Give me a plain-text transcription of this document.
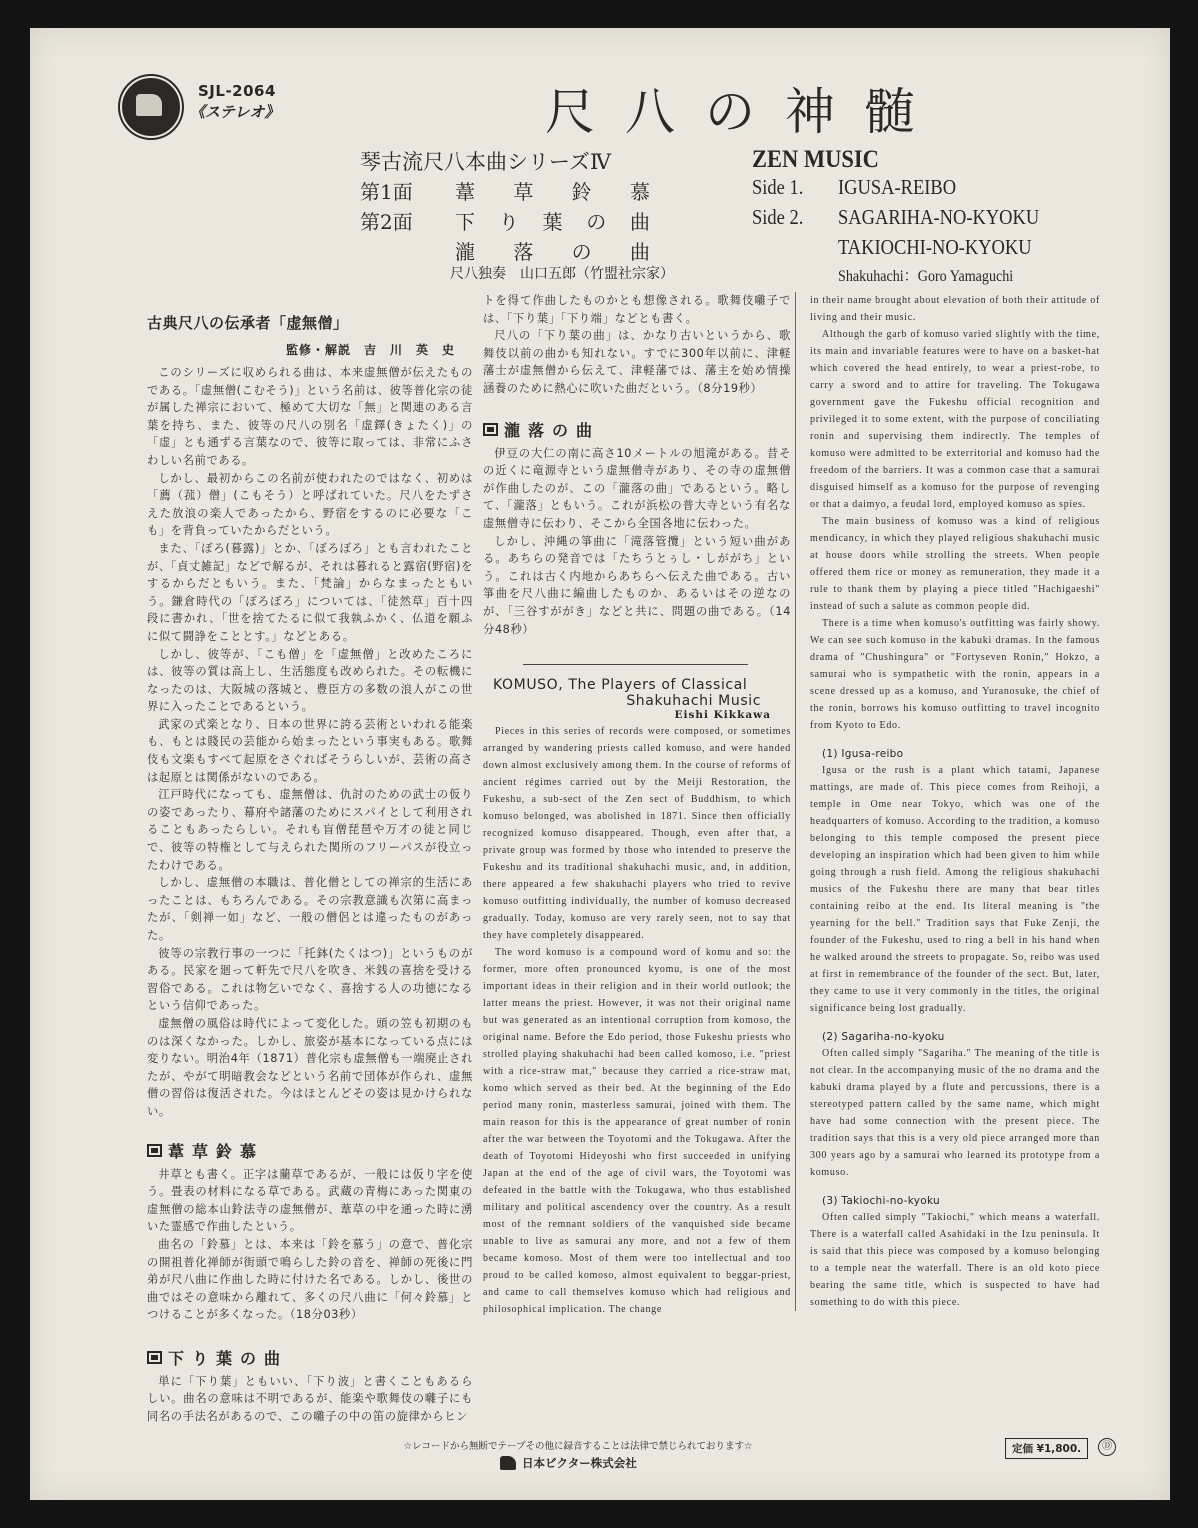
SJL-2064
《ステレオ》	尺八の神髄
琴古流尺八本曲シリーズⅣ	ZEN MUSIC
第1面 葦 草 鈴 慕	Side 1. IGUSA-REIBO
第2面 下 り 葉 の 曲	Side 2. SAGARIHA-NO-KYOKU
瀧 落 の 曲	TAKIOCHI-NO-KYOKU
尺八独奏　山口五郎（竹盟社宗家）	Shakuhachi：Goro Yamaguchi

古典尺八の伝承者「虚無僧」

監修・解説　吉　川　英　史

このシリーズに収められる曲は、本来虚無僧が伝えたものである。「虚無僧(こむそう)」という名前は、彼等普化宗の徒が属した禅宗において、極めて大切な「無」と関連のある言葉を持ち、また、彼等の尺八の別名「虚鐸(きょたく)」の「虚」とも通ずる言葉なので、彼等に取っては、非常にふさわしい名前である。

しかし、最初からこの名前が使われたのではなく、初めは「薦（菰）僧」(こもそう）と呼ばれていた。尺八をたずさえた放浪の楽人であったから、野宿をするのに必要な「こも」を背負っていたからだという。

また、「ぼろ(暮露)」とか、「ぼろぼろ」とも言われたことが、「貞丈雑記」などで解るが、それは暮れると露宿(野宿)をするからだともいう。また、「梵論」からなまったともいう。鎌倉時代の「ぼろぼろ」については、「徒然草」百十四段に書かれ、「世を捨てたるに似て我執ふかく、仏道を願ふに似て闘諍をこととす。」などとある。

しかし、彼等が、「こも僧」を「虚無僧」と改めたころには、彼等の質は高上し、生活態度も改められた。その転機になったのは、大阪城の落城と、豊臣方の多数の浪人がこの世界に入ったことであるという。

武家の式楽となり、日本の世界に誇る芸術といわれる能楽も、もとは賤民の芸能から始まったという事実もある。歌舞伎も文楽もすべて起原をさぐればそうらしいが、芸術の高さは起原とは関係がないのである。

江戸時代になっても、虚無僧は、仇討のための武士の仮りの姿であったり、幕府や諸藩のためにスパイとして利用されることもあったらしい。それも盲僧琵琶や万才の徒と同じで、彼等の特権として与えられた関所のフリーパスが役立ったわけである。

しかし、虚無僧の本職は、普化僧としての禅宗的生活にあったことは、もちろんである。その宗教意識も次第に高まったが、「剣禅一如」など、一般の僧侶とは違ったものがあった。

彼等の宗教行事の一つに「托鉢(たくはつ)」というものがある。民家を廻って軒先で尺八を吹き、米銭の喜捨を受ける習俗である。これは物乞いでなく、喜捨する人の功徳になるという信仰であった。

虚無僧の風俗は時代によって変化した。頭の笠も初期のものは深くなかった。しかし、旅姿が基本になっている点には変りない。明治4年（1871）普化宗も虚無僧も一端廃止されたが、やがて明暗教会などという名前で団体が作られ、虚無僧の習俗は復活された。今はほとんどその姿は見かけられない。

葦草鈴慕

井草とも書く。正字は藺草であるが、一般には仮り字を使う。畳表の材料になる草である。武蔵の青梅にあった関東の虚無僧の総本山鈴法寺の虚無僧が、葦草の中を通った時に湧いた霊感で作曲したという。

曲名の「鈴慕」とは、本来は「鈴を慕う」の意で、普化宗の開祖普化禅師が街頭で鳴らした鈴の音を、禅師の死後に門弟が尺八曲に作曲した時に付けた名である。しかし、後世の曲ではその意味から離れて、多くの尺八曲に「何々鈴慕」とつけることが多くなった。（18分03秒）

下り葉の曲

単に「下り葉」ともいい、「下り波」と書くこともあるらしい。曲名の意味は不明であるが、能楽や歌舞伎の囃子にも同名の手法名があるので、この囃子の中の笛の旋律からヒン

トを得て作曲したものかとも想像される。歌舞伎囃子では、「下り葉」「下り端」などとも書く。

尺八の「下り葉の曲」は、かなり古いというから、歌舞伎以前の曲かも知れない。すでに300年以前に、津軽藩士が虚無僧から伝えて、津軽藩では、藩主を始め情操涵養のために熱心に吹いた曲だという。（8分19秒）

瀧落の曲

伊豆の大仁の南に高さ10メートルの旭滝がある。昔その近くに竜源寺という虚無僧寺があり、その寺の虚無僧が作曲したのが、この「瀧落の曲」であるという。略して、「瀧落」ともいう。これが浜松の普大寺という有名な虚無僧寺に伝わり、そこから全国各地に伝わった。

しかし、沖縄の箏曲に「滝落管攬」という短い曲がある。あちらの発音では「たちうとぅし・しががち」という。これは古く内地からあちらへ伝えた曲である。古い箏曲を尺八曲に編曲したものか、あるいはその逆なのが、「三谷すががき」などと共に、問題の曲である。（14分48秒）

KOMUSO, The Players of Classical
Shakuhachi Music
Eishi Kikkawa

Pieces in this series of records were composed, or sometimes arranged by wandering priests called komuso, and were handed down almost exclusively among them. In the course of reforms of ancient régimes carried out by the Meiji Restoration, the Fukeshu, a sub-sect of the Zen sect of Buddhism, to which komuso belonged, was abolished in 1871. Since then officially recognized komuso disappeared. Though, even after that, a private group was formed by those who intended to preserve the Fukeshu and its traditional shakuhachi music, and, in addition, there appeared a few shakuhachi players who tried to revive komuso outfitting individually, the number of komuso decreased gradually. Today, komuso are very rarely seen, not to say that they have completely disappeared.

The word komuso is a compound word of komu and so: the former, more often pronounced kyomu, is one of the most important ideas in their religion and in their world outlook; the latter means the priest. However, it was not their original name but was generated as an intentional corruption from komoso, the original name. Before the Edo period, those Fukeshu priests who strolled playing shakuhachi had been called komoso, i.e. "priest with a rice-straw mat," because they carried a rice-straw mat, komo which served as their bed. At the beginning of the Edo period many ronin, masterless samurai, joined with them. The main reason for this is the appearance of great number of ronin after the war between the Toyotomi and the Tokugawa. After the death of Toyotomi Hideyoshi who first succeeded in unifying Japan at the end of the age of civil wars, the Toyotomi was defeated in the battle with the Tokugawa, who thus established military and political ascendency over the country. As a result most of the remnant soldiers of the vanquished side became unable to live as samurai any more, and not a few of them became komoso. Most of them were too intellectual and too proud to be called komoso, almost equivalent to beggar-priest, and came to call themselves komuso which had religious and philosophical implication. The change

in their name brought about elevation of both their attitude of living and their music.

Although the garb of komuso varied slightly with the time, its main and invariable features were to have on a basket-hat which covered the head entirely, to wear a priest-robe, to carry a sword and to attire for traveling. The Tokugawa government gave the Fukeshu official recognition and privileged it to some extent, with the purpose of conciliating ronin and supervising them indirectly. The temples of komuso were admitted to be exterritorial and komuso had the freedom of the barriers. It was a common case that a samurai disguised himself as a komuso for the purpose of revenging or that a daimyo, a feudal lord, employed komuso as spies.

The main business of komuso was a kind of religious mendicancy, in which they played religious shakuhachi music at house doors while strolling the streets. When people offered them rice or money as remuneration, they made it a rule to thank them by playing a piece titled "Hachigaeshi" instead of such a salute as common people did.

There is a time when komuso's outfitting was fairly showy. We can see such komuso in the kabuki dramas. In the famous drama of "Chushingura" or "Fortyseven Ronin," Hokzo, a samurai who is sympathetic with the ronin, appears in a scene dressed up as a komuso, and Yuranosuke, the chief of the ronin, borrows his komuso outfitting to travel incognito from Kyoto to Edo.

(1) Igusa-reibo

Igusa or the rush is a plant which tatami, Japanese mattings, are made of. This piece comes from Reihoji, a temple in Ome near Tokyo, which was one of the headquarters of komuso. According to the tradition, a komuso belonging to this temple composed the present piece developing an inspiration which had been given to him while going through a rush field. Among the religious shakuhachi musics of the Fukeshu there are many that bear titles containing reibo at the end. Its literal meaning is "the yearning for the bell." Tradition says that Fuke Zenji, the founder of the Fukeshu, used to ring a bell in his hand when he walked around the streets to propagate. So, reibo was used at first in remembrance of the founder of the sect. But, later, they came to use it very commonly in the titles, the original significance being lost gradually.

(2) Sagariha-no-kyoku

Often called simply "Sagariha." The meaning of the title is not clear. In the accompanying music of the no drama and the kabuki drama played by a flute and percussions, there is a stereotyped pattern called by the same name, which might have had some connection with the present piece. The tradition says that this is a very old piece arranged more than 300 years ago by a samurai who learned its prototype from a komuso.

(3) Takiochi-no-kyoku

Often called simply "Takiochi," which means a waterfall. There is a waterfall called Asahidaki in the Izu peninsula. It is said that this piece was composed by a komuso belonging to a temple near the waterfall. There is an old koto piece bearing the same title, which is suspected to have had something to do with this piece.

☆レコードから無断でテープその他に録音することは法律で禁じられております☆
日本ビクター株式会社
定価 ¥1,800.	Ⓓ
